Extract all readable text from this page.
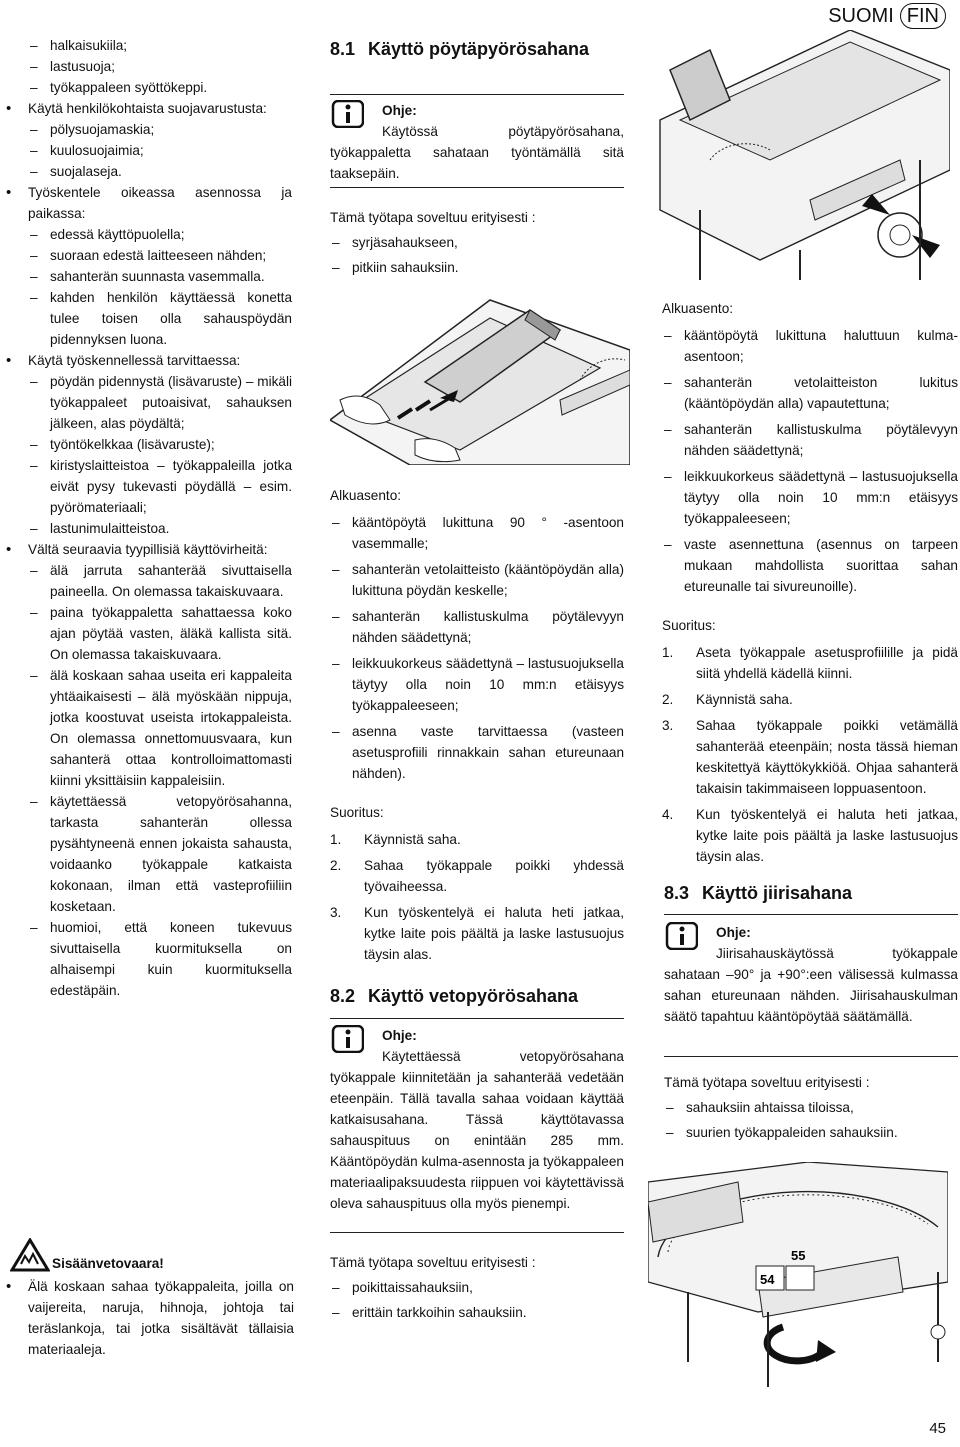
SUOMI FIN
– halkaisukiila;
– lastusuoja;
– työkappaleen syöttökeppi.
• Käytä henkilökohtaista suojavarustusta:
– pölysuojamaskia;
– kuulosuojaimia;
– suojalaseja.
• Työskentele oikeassa asennossa ja paikassa:
– edessä käyttöpuolella;
– suoraan edestä laitteeseen nähden;
– sahanterän suunnasta vasemmalla.
– kahden henkilön käyttäessä konetta tulee toisen olla sahauspöydän pidennyksen luona.
• Käytä työskennellessä tarvittaessa:
– pöydän pidennystä (lisävaruste) – mikäli työkappaleet putoaisivat, sahauksen jälkeen, alas pöydältä;
– työntökelkkaa (lisävaruste);
– kiristyslaitteistoa – työkappaleilla jotka eivät pysy tukevasti pöydällä – esim. pyörömateriaali;
– lastunimulaitteistoa.
• Vältä seuraavia tyypillisiä käyttövirheitä:
– älä jarruta sahanterää sivuttaisella paineella. On olemassa takaiskuvaara.
– paina työkappaletta sahattaessa koko ajan pöytää vasten, äläkä kallista sitä. On olemassa takaiskuvaara.
– älä koskaan sahaa useita eri kappaleita yhtäaikaisesti – älä myöskään nippuja, jotka koostuvat useista irtokappaleista. On olemassa onnettomuusvaara, kun sahanterä ottaa kontrolloimattomasti kiinni yksittäisiin kappaleisiin.
– käytettäessä vetopyörösahanna, tarkasta sahanterän ollessa pysähtyneenä ennen jokaista sahausta, voidaanko työkappale katkaista kokonaan, ilman että vasteprofiiliin kosketaan.
– huomioi, että koneen tukevuus sivuttaisella kuormituksella on alhaisempi kuin kuormituksella edestäpäin.
Sisäänvetovaara!
• Älä koskaan sahaa työkappaleita, joilla on vaijereita, naruja, hihnoja, johtoja tai teräslankoja, tai jotka sisältävät tällaisia materiaaleja.
8.1 Käyttö pöytäpyörösahana
Ohje:
Käytössä pöytäpyörösahana, työkappaletta sahataan työntämällä sitä taaksepäin.
Tämä työtapa soveltuu erityisesti :
– syrjäsahaukseen,
– pitkiin sahauksiin.
Alkuasento:
– kääntöpöytä lukittuna 90 ° -asentoon vasemmalle;
– sahanterän vetolaitteisto (kääntöpöydän alla) lukittuna pöydän keskelle;
– sahanterän kallistuskulma pöytälevyyn nähden säädettynä;
– leikkuukorkeus säädettynä – lastusuojuksella täytyy olla noin 10 mm:n etäisyys työkappaleeseen;
– asenna vaste tarvittaessa (vasteen asetusprofiili rinnakkain sahan etureunaan nähden).
Suoritus:
1. Käynnistä saha.
2. Sahaa työkappale poikki yhdessä työvaiheessa.
3. Kun työskentelyä ei haluta heti jatkaa, kytke laite pois päältä ja laske lastusuojus täysin alas.
8.2 Käyttö vetopyörösahana
Ohje:
Käytettäessä vetopyörösahana työkappale kiinnitetään ja sahanterää vedetään eteenpäin. Tällä tavalla sahaa voidaan käyttää katkaisusahana. Tässä käyttötavassa sahauspituus on enintään 285 mm. Kääntöpöydän kulma-asennosta ja työkappaleen materiaalipaksuudesta riippuen voi käytettävissä oleva sahauspituus olla myös pienempi.
Tämä työtapa soveltuu erityisesti :
– poikittaissahauksiin,
– erittäin tarkkoihin sahauksiin.
Alkuasento:
– kääntöpöytä lukittuna haluttuun kulma-asentoon;
– sahanterän vetolaitteiston lukitus (kääntöpöydän alla) vapautettuna;
– sahanterän kallistuskulma pöytälevyyn nähden säädettynä;
– leikkuukorkeus säädettynä – lastusuojuksella täytyy olla noin 10 mm:n etäisyys työkappaleeseen;
– vaste asennettuna (asennus on tarpeen mukaan mahdollista suorittaa sahan etureunalle tai sivureunoille).
Suoritus:
1. Aseta työkappale asetusprofiilille ja pidä siitä yhdellä kädellä kiinni.
2. Käynnistä saha.
3. Sahaa työkappale poikki vetämällä sahanterää eteenpäin; nosta tässä hieman keskitettyä käyttökykkiöä. Ohjaa sahanterä takaisin takimmaiseen loppuasentoon.
4. Kun työskentelyä ei haluta heti jatkaa, kytke laite pois päältä ja laske lastusuojus täysin alas.
8.3 Käyttö jiirisahana
Ohje:
Jiirisahauskäytössä työkappale sahataan –90° ja +90°:een välisessä kulmassa sahan etureunaan nähden. Jiirisahauskulman säätö tapahtuu kääntöpöytää säätämällä.
Tämä työtapa soveltuu erityisesti :
– sahauksiin ahtaissa tiloissa,
– suurien työkappaleiden sahauksiin.
54
55
45
